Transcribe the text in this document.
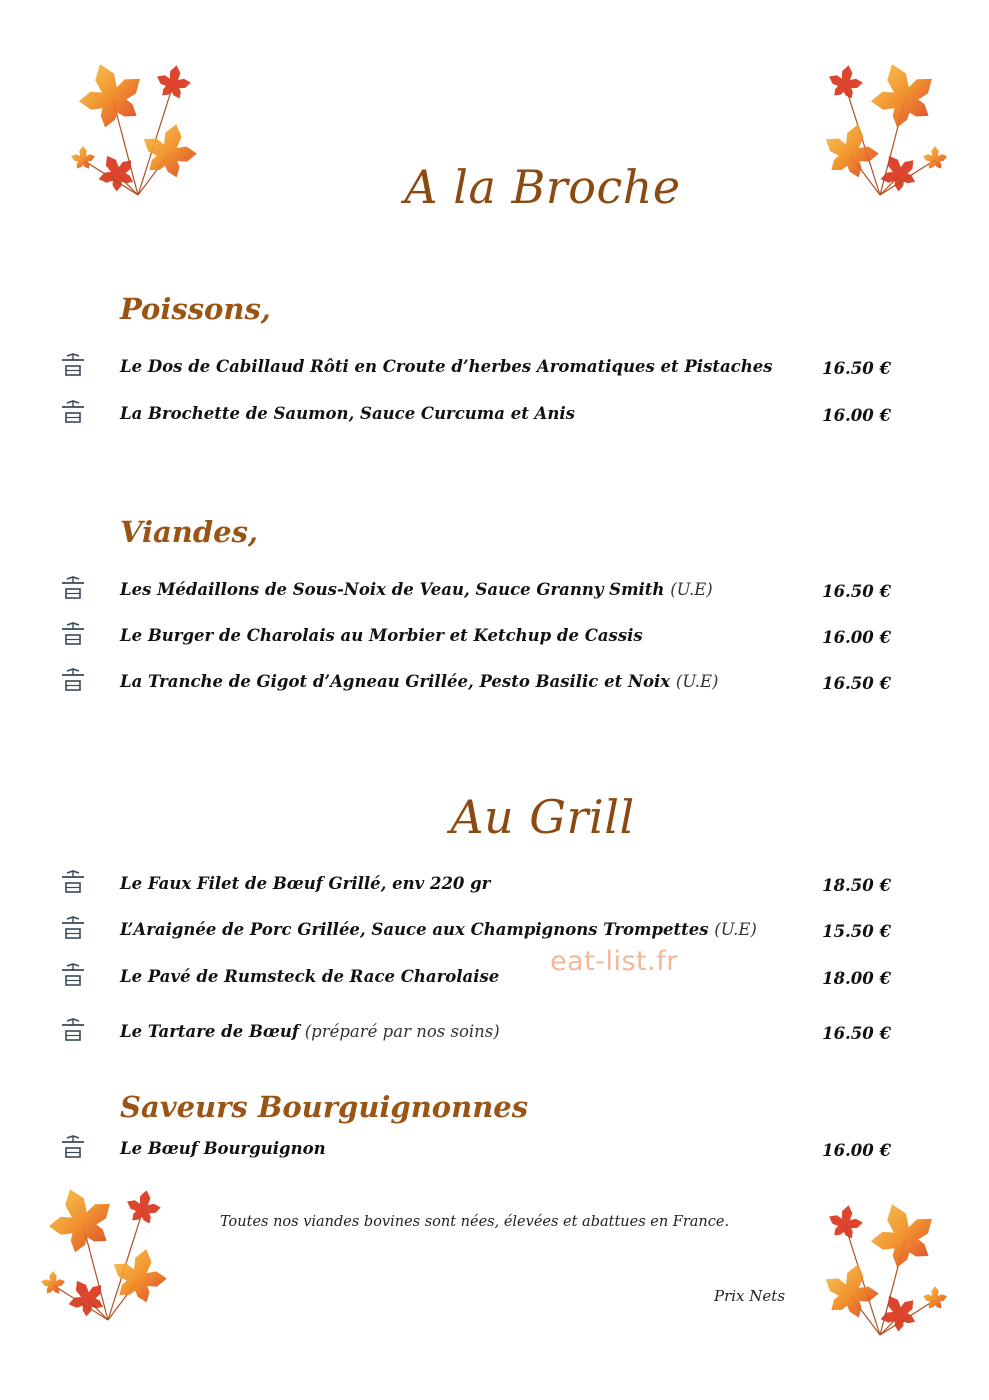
A la Broche
Poissons,
Le Dos de Cabillaud Rôti en Croute d’herbes Aromatiques et Pistaches	16.50 €
La Brochette de Saumon, Sauce Curcuma et Anis	16.00 €
Viandes,
Les Médaillons de Sous-Noix de Veau, Sauce Granny Smith (U.E)	16.50 €
Le Burger de Charolais au Morbier et Ketchup de Cassis	16.00 €
La Tranche de Gigot d’Agneau Grillée, Pesto Basilic et Noix (U.E)	16.50 €
Au Grill
Le Faux Filet de Bœuf Grillé, env 220 gr	18.50 €
L’Araignée de Porc Grillée, Sauce aux Champignons Trompettes (U.E)	15.50 €
Le Pavé de Rumsteck de Race Charolaise	18.00 €
Le Tartare de Bœuf (préparé par nos soins)	16.50 €
eat-list.fr
Saveurs Bourguignonnes
Le Bœuf Bourguignon	16.00 €
Toutes nos viandes bovines sont nées, élevées et abattues en France.
Prix Nets
